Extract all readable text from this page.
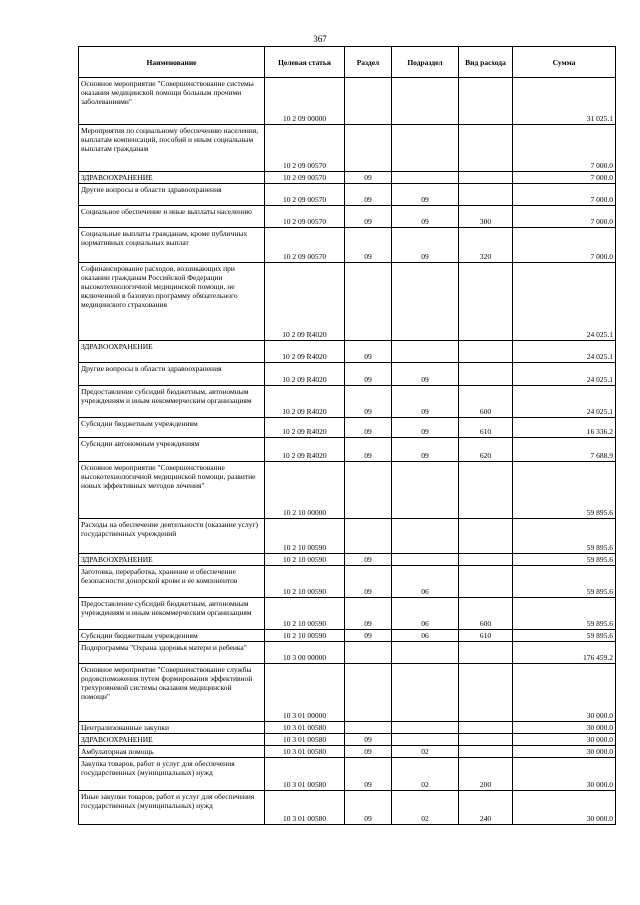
367
Наименование	Целевая статья	Раздел	Подраздел	Вид расхода	Сумма
Основное мероприятие "Совершенствование системы оказания медицинской помощи больным прочими заболеваниями"	10 2 09 00000				31 025.1
Мероприятия по социальному обеспечению населения, выплатам компенсаций, пособий и иным социальным выплатам гражданам	10 2 09 00570				7 000.0
ЗДРАВООХРАНЕНИЕ	10 2 09 00570	09			7 000.0
Другие вопросы в области здравоохранения	10 2 09 00570	09	09		7 000.0
Социальное обеспечение и иные выплаты населению	10 2 09 00570	09	09	300	7 000.0
Социальные выплаты гражданам, кроме публичных нормативных социальных выплат	10 2 09 00570	09	09	320	7 000.0
Софинансирование расходов, возникающих при оказании гражданам Российской Федерации высокотехнологичной медицинской помощи, не включенной в базовую программу обязательного медицинского страхования	10 2 09 R4020				24 025.1
ЗДРАВООХРАНЕНИЕ	10 2 09 R4020	09			24 025.1
Другие вопросы в области здравоохранения	10 2 09 R4020	09	09		24 025.1
Предоставление субсидий бюджетным, автономным учреждениям и иным некоммерческим организациям	10 2 09 R4020	09	09	600	24 025.1
Субсидии бюджетным учреждениям	10 2 09 R4020	09	09	610	16 336.2
Субсидии автономным учреждениям	10 2 09 R4020	09	09	620	7 688.9
Основное мероприятие "Совершенствование высокотехнологичной медицинской помощи, развитие новых эффективных методов лечения"	10 2 10 00000				59 895.6
Расходы на обеспечение деятельности (оказание услуг) государственных учреждений	10 2 10 00590				59 895.6
ЗДРАВООХРАНЕНИЕ	10 2 10 00590	09			59 895.6
Заготовка, переработка, хранение и обеспечение безопасности донорской крови и ее компонентов	10 2 10 00590	09	06		59 895.6
Предоставление субсидий бюджетным, автономным учреждениям и иным некоммерческим организациям	10 2 10 00590	09	06	600	59 895.6
Субсидии бюджетным учреждениям	10 2 10 00590	09	06	610	59 895.6
Подпрограмма "Охрана здоровья матери и ребенка"	10 3 00 00000				176 459.2
Основное мероприятие "Совершенствование службы родовспоможения путем формирования эффективной трехуровневой системы оказания медицинской помощи"	10 3 01 00000				30 000.0
Централизованные закупки	10 3 01 00580				30 000.0
ЗДРАВООХРАНЕНИЕ	10 3 01 00580	09			30 000.0
Амбулаторная помощь	10 3 01 00580	09	02		30 000.0
Закупка товаров, работ и услуг для обеспечения государственных (муниципальных) нужд	10 3 01 00580	09	02	200	30 000.0
Иные закупки товаров, работ и услуг для обеспечения государственных (муниципальных) нужд	10 3 01 00580	09	02	240	30 000.0
